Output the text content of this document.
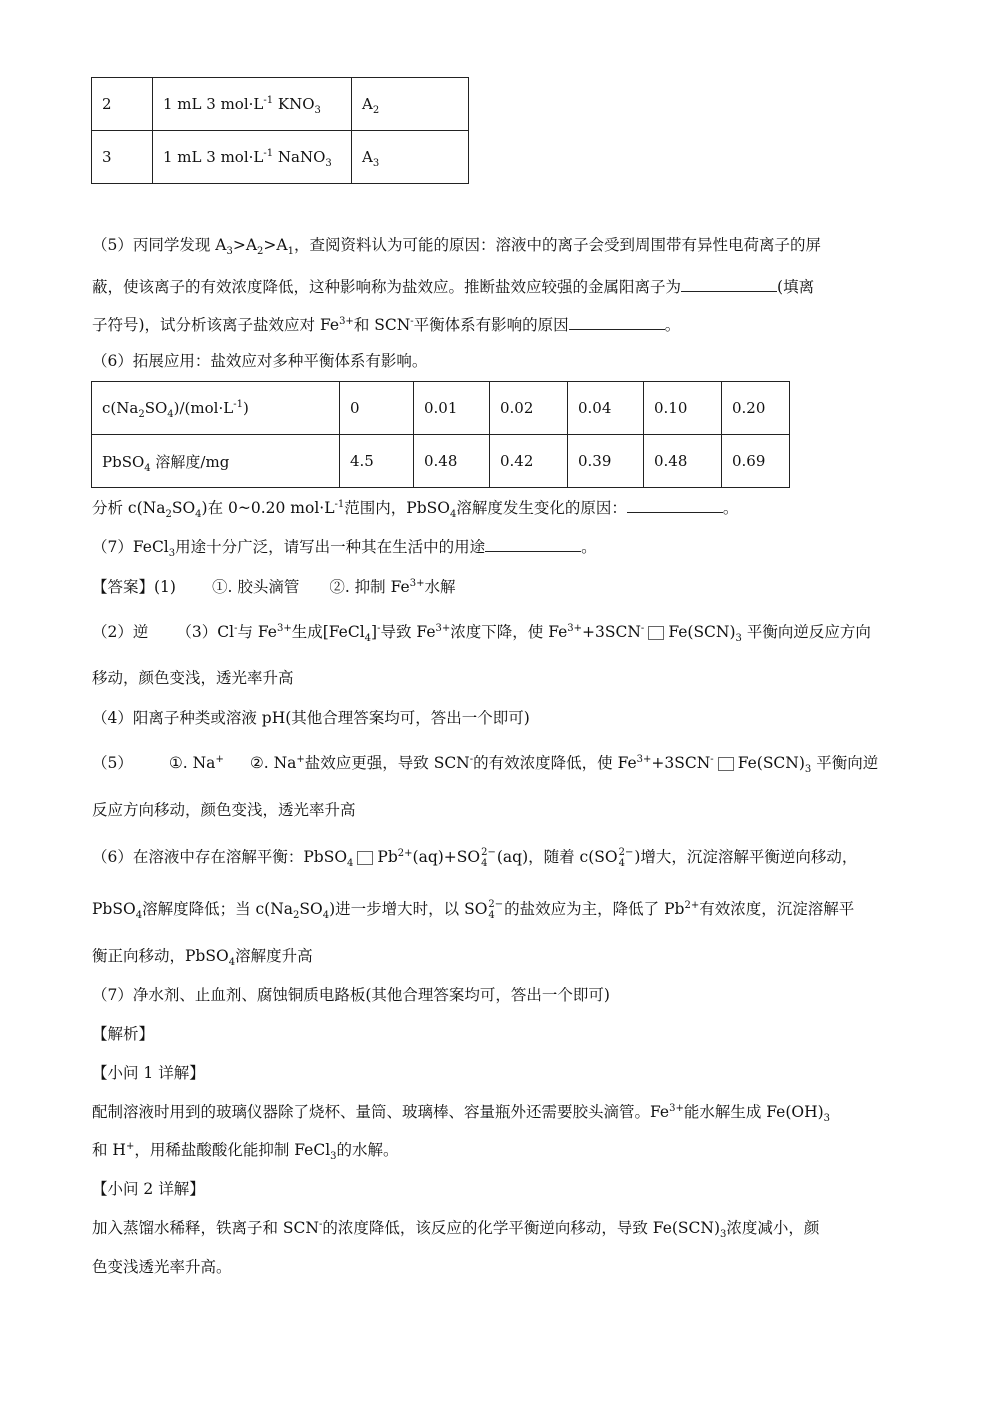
2	1 mL 3 $mol\cdot L^{-1}$ $KNO_3$	$A_2$
3	1 mL 3 $mol\cdot L^{-1}$ NaNO$_3$	$A_3$
（5）丙同学发现 $A_3>A_2>A_1$，查阅资料认为可能的原因：溶液中的离子会受到周围带有异性电荷离子的屏
蔽，使该离子的有效浓度降低，这种影响称为盐效应。推断盐效应较强的金属阳离子为	(填离
子符号)，试分析该离子盐效应对 $Fe^{3+}$和 SCN-平衡体系有影响的原因	。
（6）拓展应用：盐效应对多种平衡体系有影响。
$c(Na_2SO_4)/(mol\cdot L^{-1})$	0	0.01	0.02	0.04	0.10	0.20
PbSO$_4$ 溶解度/mg	4.5	0.48	0.42	0.39	0.48	0.69
分析 $c(Na_2SO_4)$在 0~0.20 $mol\cdot L^{-1}$范围内，PbSO$_4$溶解度发生变化的原因：	。
（7）FeCl$_3$用途十分广泛，请写出一种其在生活中的用途	。
【答案】(1) ①. 胶头滴管 ②. 抑制 $Fe^{3+}$水解
（2）逆 （3）Cl-与 $Fe^{3+}$生成[FeCl$_4$]-导致 $Fe^{3+}$浓度下降，使 $Fe^{3+}+3SCN^-$ $Fe(SCN)_3$ 平衡向逆反应方向
移动，颜色变浅，透光率升高
（4）阳离子种类或溶液 pH(其他合理答案均可，答出一个即可)
（5） ①. Na+ ②. Na+盐效应更强，导致 SCN-的有效浓度降低，使 $Fe^{3+}+3SCN^-$ $Fe(SCN)_3$ 平衡向逆
反应方向移动，颜色变浅，透光率升高
（6）在溶液中存在溶解平衡：PbSO$_4$ $Pb^{2+}(aq)+SO$ 2−
4 (aq)，随着 c(SO 2−
4 )增大，沉淀溶解平衡逆向移动，
PbSO$_4$溶解度降低；当 $c(Na_2SO_4)$进一步增大时，以 SO 2−
4 的盐效应为主，降低了 $Pb^{2+}$有效浓度，沉淀溶解平
衡正向移动，PbSO$_4$溶解度升高
（7）净水剂、止血剂、腐蚀铜质电路板(其他合理答案均可，答出一个即可)
【解析】
【小问 1 详解】
配制溶液时用到的玻璃仪器除了烧杯、量筒、玻璃棒、容量瓶外还需要胶头滴管。$Fe^{3+}$能水解生成 $Fe(OH)_3$
和 H+，用稀盐酸酸化能抑制 FeCl$_3$的水解。
【小问 2 详解】
加入蒸馏水稀释，铁离子和 SCN-的浓度降低，该反应的化学平衡逆向移动，导致 $Fe(SCN)_3$浓度减小，颜
色变浅透光率升高。
